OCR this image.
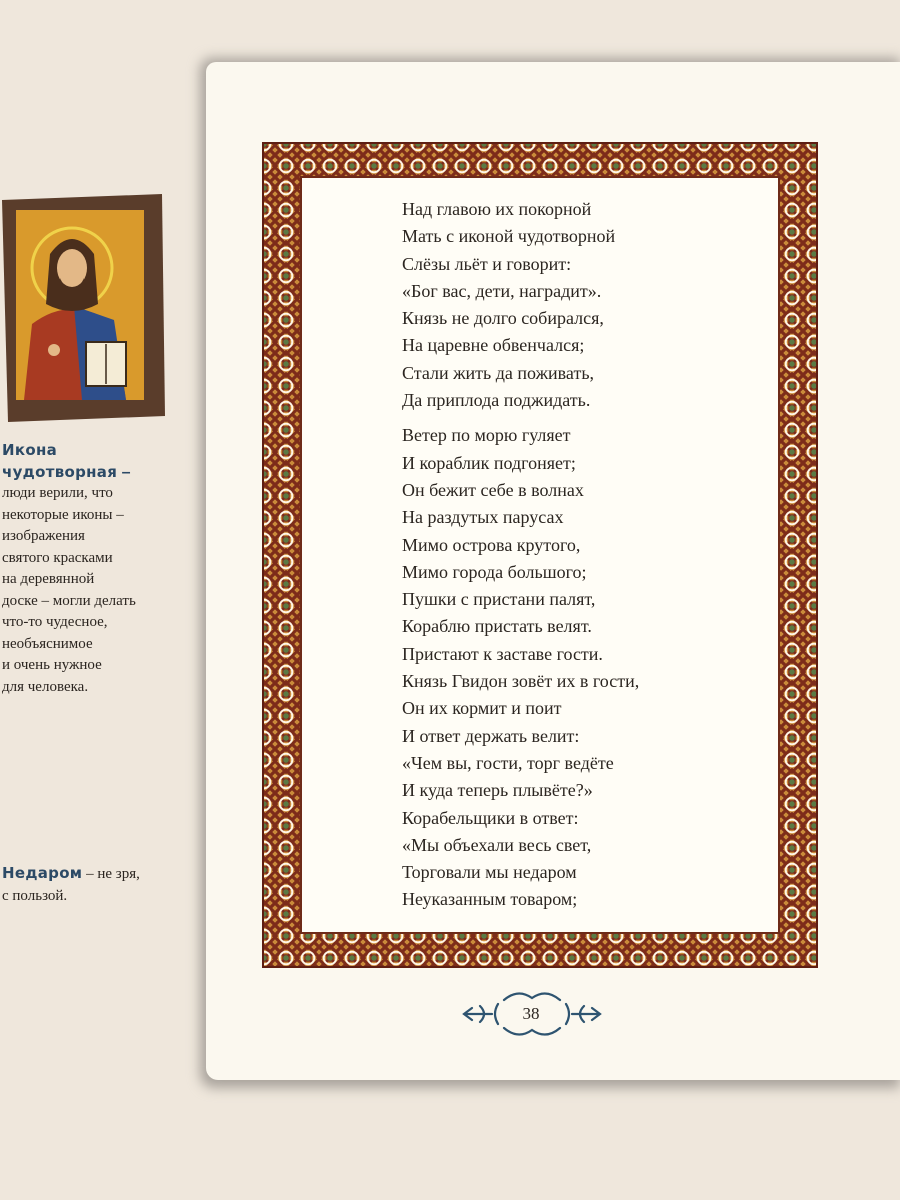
Над главою их покорной
Мать с иконой чудотворной
Слёзы льёт и говорит:
«Бог вас, дети, наградит».
Князь не долго собирался,
На царевне обвенчался;
Стали жить да поживать,
Да приплода поджидать.
Ветер по морю гуляет
И кораблик подгоняет;
Он бежит себе в волнах
На раздутых парусах
Мимо острова крутого,
Мимо города большого;
Пушки с пристани палят,
Кораблю пристать велят.
Пристают к заставе гости.
Князь Гвидон зовёт их в гости,
Он их кормит и поит
И ответ держать велит:
«Чем вы, гости, торг ведёте
И куда теперь плывёте?»
Корабельщики в ответ:
«Мы объехали весь свет,
Торговали мы недаром
Неуказанным товаром;
Икона
чудотворная –
люди верили, что
некоторые иконы –
изображения
святого красками
на деревянной
доске – могли делать
что-то чудесное,
необъяснимое
и очень нужное
для человека.
Недаром – не зря,
с пользой.
38
